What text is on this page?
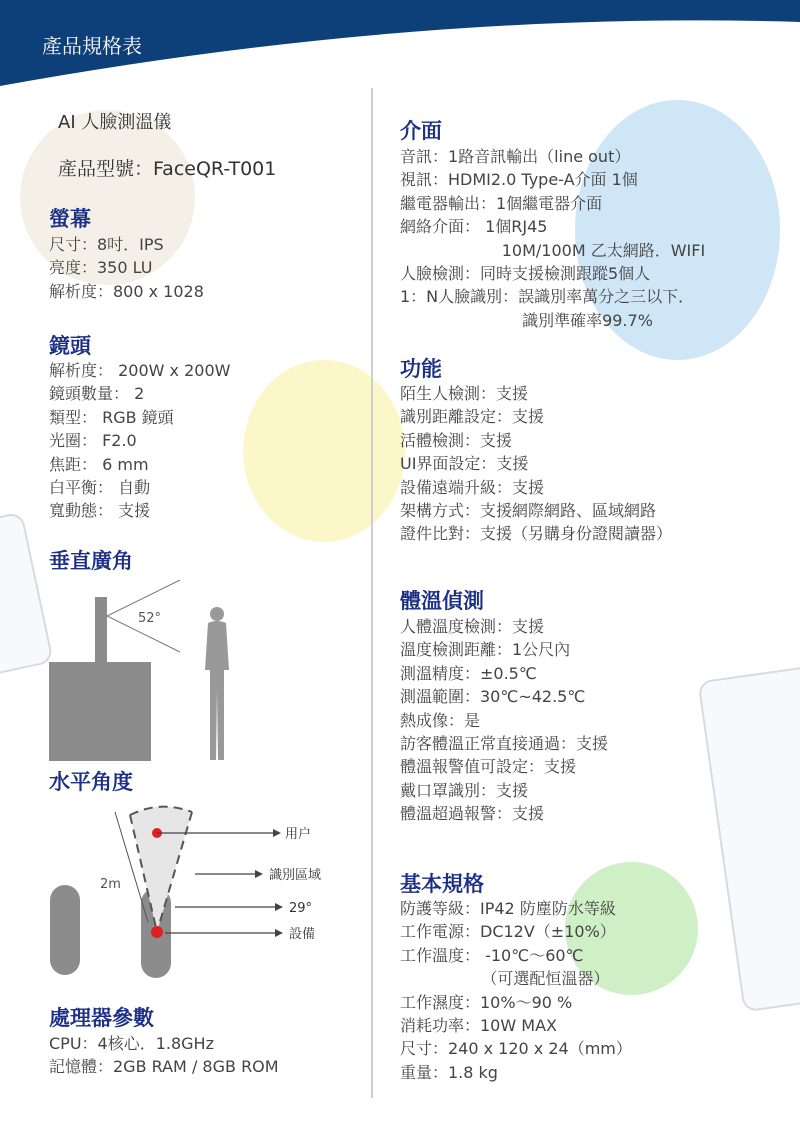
產品規格表
AI 人臉測溫儀
產品型號：FaceQR-T001
螢幕
尺寸：8吋．IPS
亮度：350 LU
解析度：800 x 1028
鏡頭
解析度： 200W x 200W
鏡頭數量： 2
類型： RGB 鏡頭
光圈： F2.0
焦距： 6 mm
白平衡： 自動
寬動態： 支援
垂直廣角
52°
水平角度
2m
用户
識別區域
29°
設備
處理器參數
CPU：4核心．1.8GHz
記憶體：2GB RAM / 8GB ROM
介面
音訊：1路音訊輸出（line out）
視訊：HDMI2.0 Type-A介面 1個
繼電器輸出：1個繼電器介面
網絡介面： 1個RJ45
10M/100M 乙太網路．WIFI
人臉檢測：同時支援檢測跟蹤5個人
1：N人臉識別：誤識別率萬分之三以下．
識別準確率99.7%
功能
陌生人檢測：支援
識別距離設定：支援
活體檢測：支援
UI界面設定：支援
設備遠端升級：支援
架構方式：支援網際網路、區域網路
證件比對：支援（另購身份證閱讀器）
體溫偵測
人體溫度檢測：支援
溫度檢測距離：1公尺內
測溫精度：±0.5℃
測溫範圍：30℃~42.5℃
熱成像：是
訪客體溫正常直接通過：支援
體溫報警值可設定：支援
戴口罩識別：支援
體溫超過報警：支援
基本規格
防護等級：IP42 防塵防水等級
工作電源：DC12V（±10%）
工作溫度： -10℃～60℃
（可選配恒溫器）
工作濕度：10%～90 %
消耗功率：10W MAX
尺寸：240 x 120 x 24（mm）
重量：1.8 kg
